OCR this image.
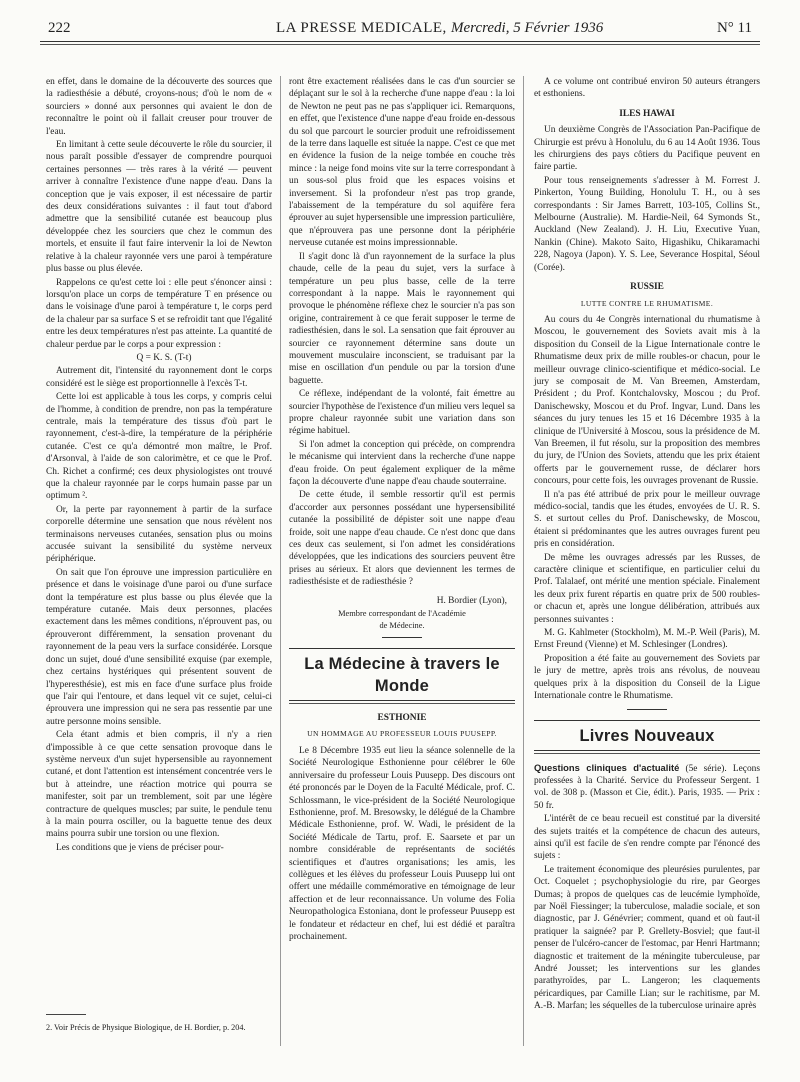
222	LA PRESSE MEDICALE, Mercredi, 5 Février 1936	N° 11

en effet, dans le domaine de la découverte des sources que la radiesthésie a débuté, croyons-nous; d'où le nom de « sourciers » donné aux personnes qui avaient le don de reconnaître le point où il fallait creuser pour trouver de l'eau.

En limitant à cette seule découverte le rôle du sourcier, il nous paraît possible d'essayer de comprendre pourquoi certaines personnes — très rares à la vérité — peuvent arriver à connaître l'existence d'une nappe d'eau. Dans la conception que je vais exposer, il est nécessaire de partir des deux considérations suivantes : il faut tout d'abord admettre que la sensibilité cutanée est beaucoup plus développée chez les sourciers que chez le commun des mortels, et ensuite il faut faire intervenir la loi de Newton relative à la chaleur rayonnée vers une paroi à température plus basse ou plus élevée.

Rappelons ce qu'est cette loi : elle peut s'énoncer ainsi : lorsqu'on place un corps de température T en présence ou dans le voisinage d'une paroi à température t, le corps perd de la chaleur par sa surface S et se refroidit tant que l'égalité entre les deux températures n'est pas atteinte. La quantité de chaleur perdue par le corps a pour expression :

Q = K. S. (T-t)

Autrement dit, l'intensité du rayonnement dont le corps considéré est le siège est proportionnelle à l'excès T-t.

Cette loi est applicable à tous les corps, y compris celui de l'homme, à condition de prendre, non pas la température centrale, mais la température des tissus d'où part le rayonnement, c'est-à-dire, la température de la périphérie cutanée. C'est ce qu'a démontré mon maître, le Prof. d'Arsonval, à l'aide de son calorimètre, et ce que le Prof. Ch. Richet a confirmé; ces deux physiologistes ont trouvé que la chaleur rayonnée par le corps humain passe par un optimum ².

Or, la perte par rayonnement à partir de la surface corporelle détermine une sensation que nous révèlent nos terminaisons nerveuses cutanées, sensation plus ou moins accusée suivant la sensibilité du système nerveux périphérique.

On sait que l'on éprouve une impression particulière en présence et dans le voisinage d'une paroi ou d'une surface dont la température est plus basse ou plus élevée que la température cutanée. Mais deux personnes, placées exactement dans les mêmes conditions, n'éprouvent pas, ou éprouveront différemment, la sensation provenant du rayonnement de la peau vers la surface considérée. Lorsque donc un sujet, doué d'une sensibilité exquise (par exemple, chez certains hystériques qui présentent souvent de l'hyperesthésie), est mis en face d'une surface plus froide que l'air qui l'entoure, et dans lequel vit ce sujet, celui-ci éprouvera une impression qui ne sera pas ressentie par une autre personne moins sensible.

Cela étant admis et bien compris, il n'y a rien d'impossible à ce que cette sensation provoque dans le système nerveux d'un sujet hypersensible au rayonnement cutané, et dont l'attention est intensément concentrée vers le but à atteindre, une réaction motrice qui pourra se manifester, soit par un tremblement, soit par une légère contracture de quelques muscles; par suite, le pendule tenu à la main pourra osciller, ou la baguette tenue des deux mains pourra subir une torsion ou une flexion.

Les conditions que je viens de préciser pour-

2. Voir Précis de Physique Biologique, de H. Bordier, p. 204.

ront être exactement réalisées dans le cas d'un sourcier se déplaçant sur le sol à la recherche d'une nappe d'eau : la loi de Newton ne peut pas ne pas s'appliquer ici. Remarquons, en effet, que l'existence d'une nappe d'eau froide en-dessous du sol que parcourt le sourcier produit une refroidissement de la terre dans laquelle est située la nappe. C'est ce que met en évidence la fusion de la neige tombée en couche très mince : la neige fond moins vite sur la terre correspondant à un sous-sol plus froid que les espaces voisins et inversement. Si la profondeur n'est pas trop grande, l'abaissement de la température du sol aquifère fera éprouver au sujet hypersensible une impression particulière, que n'éprouvera pas une personne dont la périphérie nerveuse cutanée est moins impressionnable.

Il s'agit donc là d'un rayonnement de la surface la plus chaude, celle de la peau du sujet, vers la surface à température un peu plus basse, celle de la terre correspondant à la nappe. Mais le rayonnement qui provoque le phénomène réflexe chez le sourcier n'a pas son origine, contrairement à ce que ferait supposer le terme de radiesthésien, dans le sol. La sensation que fait éprouver au sourcier ce rayonnement détermine sans doute un mouvement musculaire inconscient, se traduisant par la mise en oscillation d'un pendule ou par la torsion d'une baguette.

Ce réflexe, indépendant de la volonté, fait émettre au sourcier l'hypothèse de l'existence d'un milieu vers lequel sa propre chaleur rayonnée subit une variation dans son régime habituel.

Si l'on admet la conception qui précède, on comprendra le mécanisme qui intervient dans la recherche d'une nappe d'eau froide. On peut également expliquer de la même façon la découverte d'une nappe d'eau chaude souterraine.

De cette étude, il semble ressortir qu'il est permis d'accorder aux personnes possédant une hypersensibilité cutanée la possibilité de dépister soit une nappe d'eau froide, soit une nappe d'eau chaude. Ce n'est donc que dans ces deux cas seulement, si l'on admet les considérations développées, que les indications des sourciers peuvent être prises au sérieux. Et alors que deviennent les termes de radiesthésiste et de radiesthésie ?

H. Bordier (Lyon),
Membre correspondant de l'Académie
de Médecine.
La Médecine à travers le Monde
ESTHONIE
UN HOMMAGE AU PROFESSEUR LOUIS PUUSEPP.

Le 8 Décembre 1935 eut lieu la séance solennelle de la Société Neurologique Esthonienne pour célébrer le 60e anniversaire du professeur Louis Puusepp. Des discours ont été prononcés par le Doyen de la Faculté Médicale, prof. C. Schlossmann, le vice-président de la Société Neurologique Esthonienne, prof. M. Bresowsky, le délégué de la Chambre Médicale Esthonienne, prof. W. Wadi, le président de la Société Médicale de Tartu, prof. E. Saarsete et par un nombre considérable de représentants de sociétés scientifiques et d'autres organisations; les amis, les collègues et les élèves du professeur Louis Puusepp lui ont offert une médaille commémorative en témoignage de leur affection et de leur reconnaissance. Un volume des Folia Neuropathologica Estoniana, dont le professeur Puusepp est le fondateur et rédacteur en chef, lui est dédié et paraîtra prochainement.

A ce volume ont contribué environ 50 auteurs étrangers et esthoniens.

ILES HAWAI

Un deuxième Congrès de l'Association Pan-Pacifique de Chirurgie est prévu à Honolulu, du 6 au 14 Août 1936. Tous les chirurgiens des pays côtiers du Pacifique peuvent en faire partie.

Pour tous renseignements s'adresser à M. Forrest J. Pinkerton, Young Building, Honolulu T. H., ou à ses correspondants : Sir James Barrett, 103-105, Collins St., Melbourne (Australie). M. Hardie-Neil, 64 Symonds St., Auckland (New Zealand). J. H. Liu, Executive Yuan, Nankin (Chine). Makoto Saito, Higashiku, Chikaramachi 228, Nagoya (Japon). Y. S. Lee, Severance Hospital, Séoul (Corée).

RUSSIE
LUTTE CONTRE LE RHUMATISME.

Au cours du 4e Congrès international du rhumatisme à Moscou, le gouvernement des Soviets avait mis à la disposition du Conseil de la Ligue Internationale contre le Rhumatisme deux prix de mille roubles-or chacun, pour le meilleur ouvrage clinico-scientifique et médico-social. Le jury se composait de M. Van Breemen, Amsterdam, Président ; du Prof. Kontchalovsky, Moscou ; du Prof. Danischewsky, Moscou et du Prof. Ingvar, Lund. Dans les séances du jury tenues les 15 et 16 Décembre 1935 à la clinique de l'Université à Moscou, sous la présidence de M. Van Breemen, il fut résolu, sur la proposition des membres du jury, de l'Union des Soviets, attendu que les prix étaient offerts par le gouvernement russe, de déclarer hors concours, pour cette fois, les ouvrages provenant de Russie.

Il n'a pas été attribué de prix pour le meilleur ouvrage médico-social, tandis que les études, envoyées de U. R. S. S. et surtout celles du Prof. Danischewsky, de Moscou, étaient si prédominantes que les autres ouvrages furent peu pris en considération.

De même les ouvrages adressés par les Russes, de caractère clinique et scientifique, en particulier celui du Prof. Talalaef, ont mérité une mention spéciale. Finalement les deux prix furent répartis en quatre prix de 500 roubles-or chacun et, après une longue délibération, attribués aux personnes suivantes :

M. G. Kahlmeter (Stockholm), M. M.-P. Weil (Paris), M. Ernst Freund (Vienne) et M. Schlesinger (Londres).

Proposition a été faite au gouvernement des Soviets par le jury de mettre, après trois ans révolus, de nouveau quelques prix à la disposition du Conseil de la Ligue Internationale contre le Rhumatisme.

Livres Nouveaux

Questions cliniques d'actualité (5e série). Leçons professées à la Charité. Service du Professeur Sergent. 1 vol. de 308 p. (Masson et Cie, édit.). Paris, 1935. — Prix : 50 fr.

L'intérêt de ce beau recueil est constitué par la diversité des sujets traités et la compétence de chacun des auteurs, ainsi qu'il est facile de s'en rendre compte par l'énoncé des sujets :

Le traitement économique des pleurésies purulentes, par Oct. Coquelet ; psychophysiologie du rire, par Georges Dumas; à propos de quelques cas de leucémie lymphoïde, par Noël Fiessinger; la tuberculose, maladie sociale, et son diagnostic, par J. Génévrier; comment, quand et où faut-il pratiquer la saignée? par P. Grellety-Bosviel; que faut-il penser de l'ulcéro-cancer de l'estomac, par Henri Hartmann; diagnostic et traitement de la méningite tuberculeuse, par André Jousset; les interventions sur les glandes parathyroïdes, par L. Langeron; les claquements péricardiques, par Camille Lian; sur le rachitisme, par M. A.-B. Marfan; les séquelles de la tuberculose urinaire après
